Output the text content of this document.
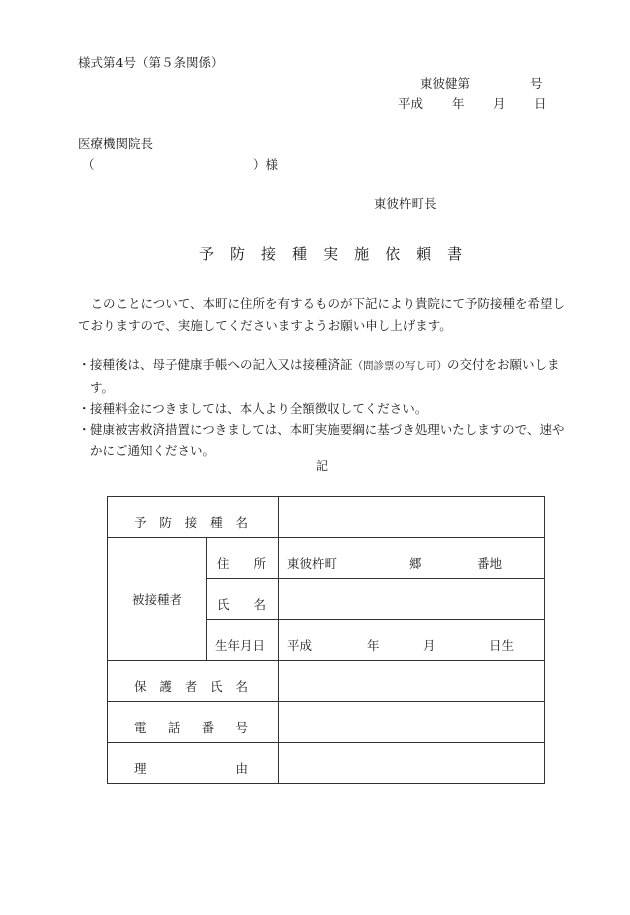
様式第4号（第５条関係）
東彼健第	号
平成 年 月 日
医療機関院長
（	）様
東彼杵町長
予 防 接 種 実 施 依 頼 書
　このことについて、本町に住所を有するものが下記により貴院にて予防接種を希望しておりますので、実施してくださいますようお願い申し上げます。
・ 接種後は、母子健康手帳への記入又は接種済証（問診票の写し可）の交付をお願いします。
・ 接種料金につきましては、本人より全額徴収してください。
・ 健康被害救済措置につきましては、本町実施要綱に基づき処理いたしますので、速やかにご通知ください。
記
予 防 接 種 名		

被接種者	住 所	東彼杵町 郷 番地

	氏 名	

	生年月日	平成 年 月 日生

保 護 者 氏 名		

電 話 番 号		

理 由		
